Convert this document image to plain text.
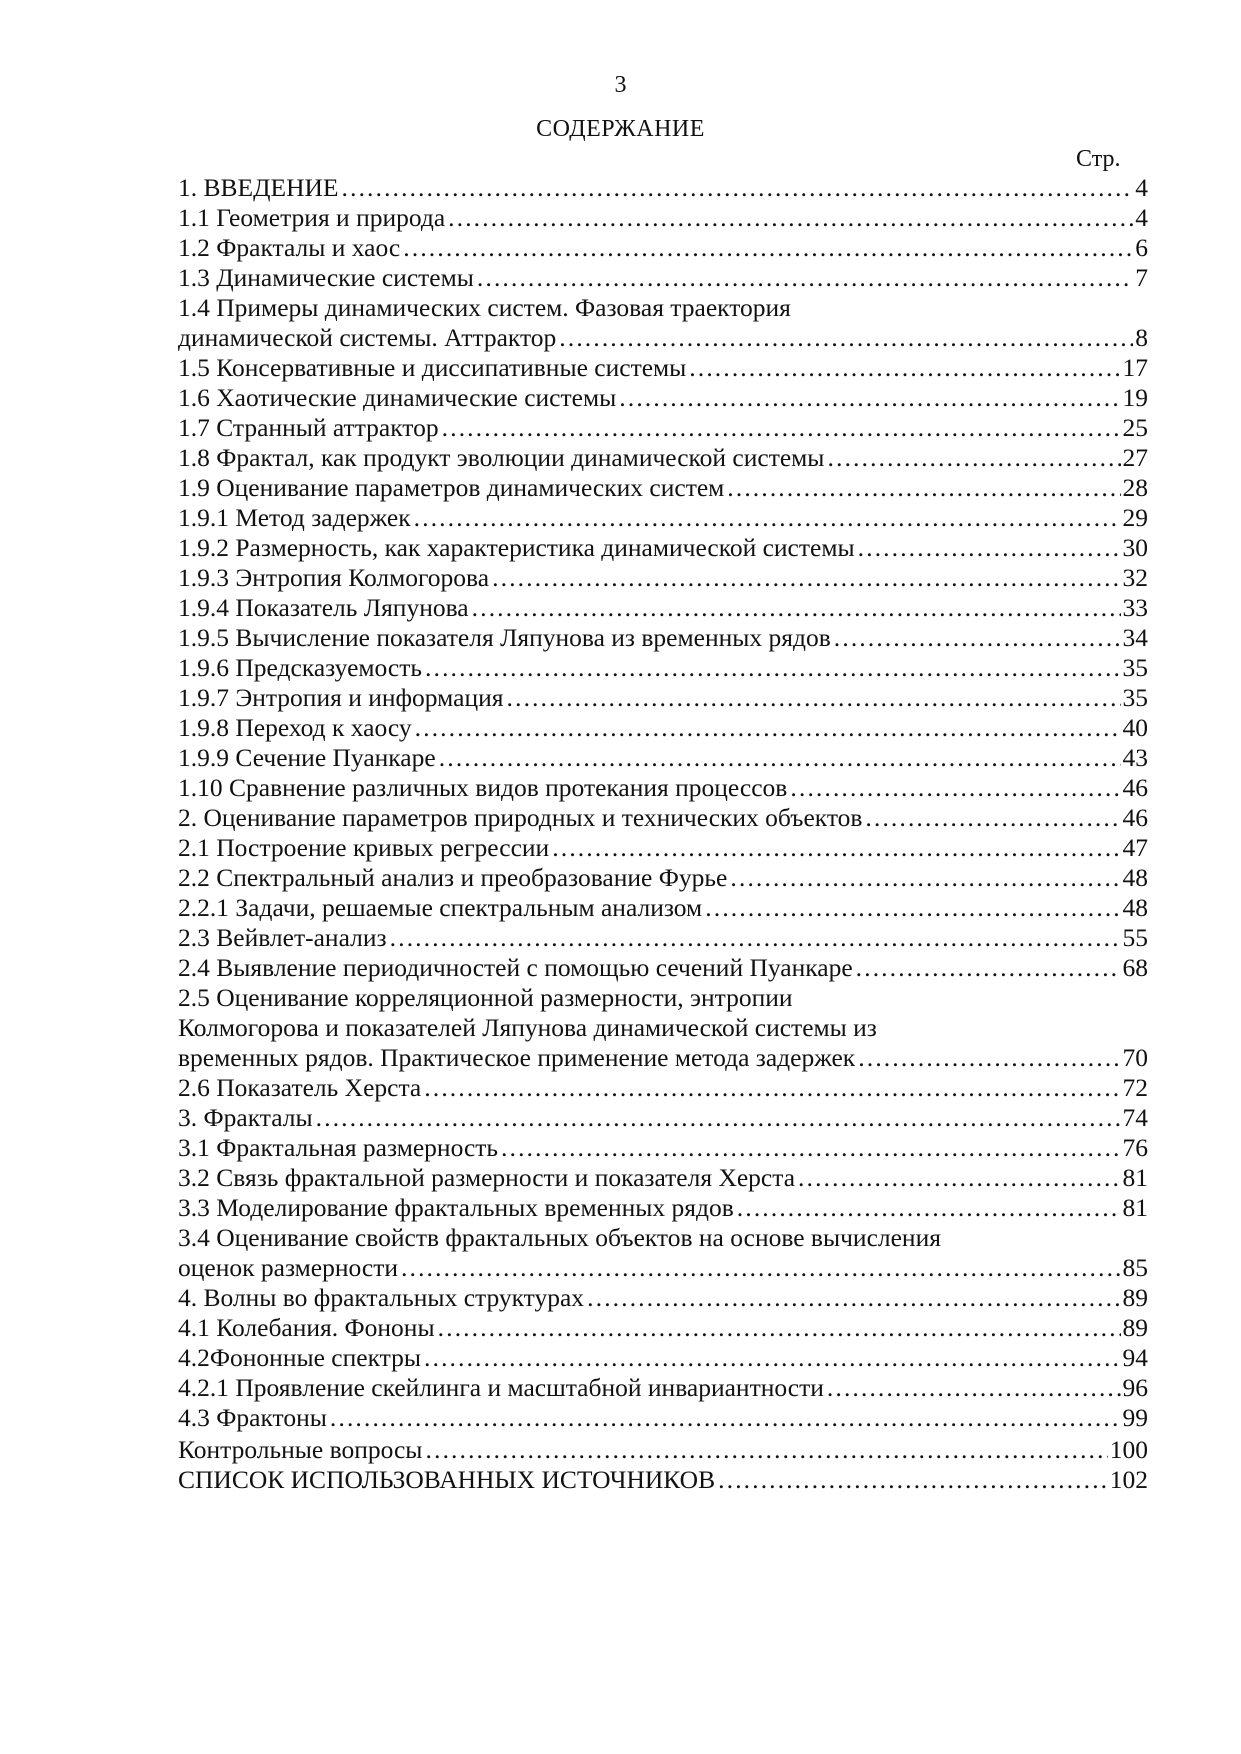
3
СОДЕРЖАНИЕ
Стр.
1. ВВЕДЕНИЕ ………………………………………………………………………………………………………………………………………………………………………………………………	4
1.1 Геометрия и природа ………………………………………………………………………………………………………………………………………………………………………………………………	4
1.2 Фракталы и хаос ………………………………………………………………………………………………………………………………………………………………………………………………	6
1.3 Динамические системы ………………………………………………………………………………………………………………………………………………………………………………………………	7
1.4 Примеры динамических систем. Фазовая траектория
динамической системы. Аттрактор ………………………………………………………………………………………………………………………………………………………………………………………………	8
1.5 Консервативные и диссипативные системы ………………………………………………………………………………………………………………………………………………………………………………………………	17
1.6 Хаотические динамические системы ………………………………………………………………………………………………………………………………………………………………………………………………	19
1.7 Странный аттрактор ………………………………………………………………………………………………………………………………………………………………………………………………	25
1.8 Фрактал, как продукт эволюции динамической системы ………………………………………………………………………………………………………………………………………………………………………………………………	27
1.9 Оценивание параметров динамических систем ………………………………………………………………………………………………………………………………………………………………………………………………	28
1.9.1 Метод задержек ………………………………………………………………………………………………………………………………………………………………………………………………	29
1.9.2 Размерность, как характеристика динамической системы ………………………………………………………………………………………………………………………………………………………………………………………………	30
1.9.3 Энтропия Колмогорова ………………………………………………………………………………………………………………………………………………………………………………………………	32
1.9.4 Показатель Ляпунова ………………………………………………………………………………………………………………………………………………………………………………………………	33
1.9.5 Вычисление показателя Ляпунова из временных рядов ………………………………………………………………………………………………………………………………………………………………………………………………	34
1.9.6 Предсказуемость ………………………………………………………………………………………………………………………………………………………………………………………………	35
1.9.7 Энтропия и информация ………………………………………………………………………………………………………………………………………………………………………………………………	35
1.9.8 Переход к хаосу ………………………………………………………………………………………………………………………………………………………………………………………………	40
1.9.9 Сечение Пуанкаре ………………………………………………………………………………………………………………………………………………………………………………………………	43
1.10 Сравнение различных видов протекания процессов ………………………………………………………………………………………………………………………………………………………………………………………………	46
2. Оценивание параметров природных и технических объектов ………………………………………………………………………………………………………………………………………………………………………………………………	46
2.1 Построение кривых регрессии ………………………………………………………………………………………………………………………………………………………………………………………………	47
2.2 Спектральный анализ и преобразование Фурье ………………………………………………………………………………………………………………………………………………………………………………………………	48
2.2.1 Задачи, решаемые спектральным анализом ………………………………………………………………………………………………………………………………………………………………………………………………	48
2.3 Вейвлет-анализ ………………………………………………………………………………………………………………………………………………………………………………………………	55
2.4 Выявление периодичностей с помощью сечений Пуанкаре ………………………………………………………………………………………………………………………………………………………………………………………………	68
2.5 Оценивание корреляционной размерности, энтропии
Колмогорова и показателей Ляпунова динамической системы из
временных рядов. Практическое применение метода задержек ………………………………………………………………………………………………………………………………………………………………………………………………	70
2.6 Показатель Херста ………………………………………………………………………………………………………………………………………………………………………………………………	72
3. Фракталы ………………………………………………………………………………………………………………………………………………………………………………………………	74
3.1 Фрактальная размерность ………………………………………………………………………………………………………………………………………………………………………………………………	76
3.2 Связь фрактальной размерности и показателя Херста ………………………………………………………………………………………………………………………………………………………………………………………………	81
3.3 Моделирование фрактальных временных рядов ………………………………………………………………………………………………………………………………………………………………………………………………	81
3.4 Оценивание свойств фрактальных объектов на основе вычисления
оценок размерности ………………………………………………………………………………………………………………………………………………………………………………………………	85
4. Волны во фрактальных структурах ………………………………………………………………………………………………………………………………………………………………………………………………	89
4.1 Колебания. Фононы ………………………………………………………………………………………………………………………………………………………………………………………………	89
4.2Фононные спектры ………………………………………………………………………………………………………………………………………………………………………………………………	94
4.2.1 Проявление скейлинга и масштабной инвариантности ………………………………………………………………………………………………………………………………………………………………………………………………	96
4.3 Фрактоны ………………………………………………………………………………………………………………………………………………………………………………………………	99
Контрольные вопросы ………………………………………………………………………………………………………………………………………………………………………………………………	100
СПИСОК ИСПОЛЬЗОВАННЫХ ИСТОЧНИКОВ ………………………………………………………………………………………………………………………………………………………………………………………………	102
